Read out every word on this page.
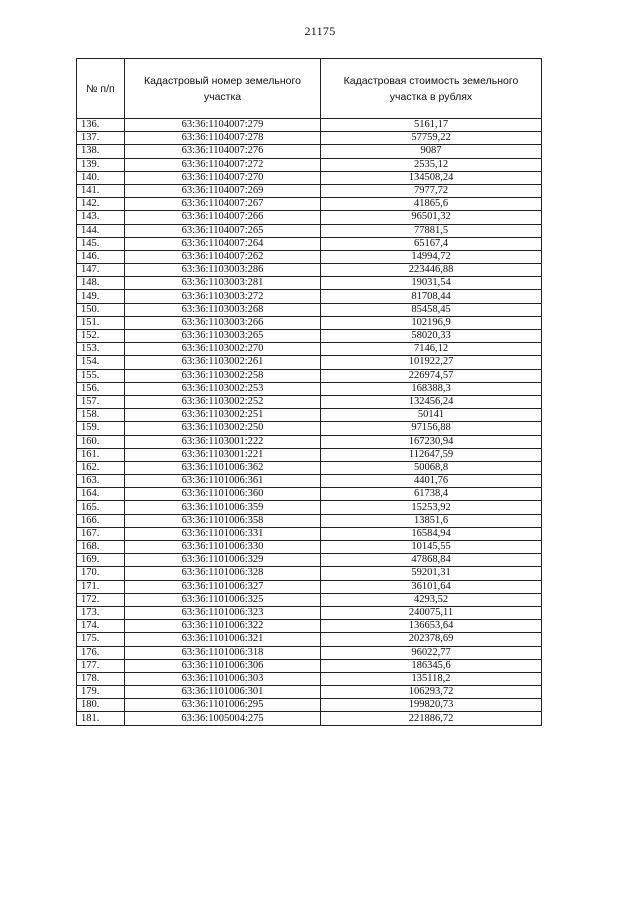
21175
№ п/п	Кадастровый номер земельного участка	Кадастровая стоимость земельного участка в рублях
136.	63:36:1104007:279	5161,17
137.	63:36:1104007:278	57759,22
138.	63:36:1104007:276	9087
139.	63:36:1104007:272	2535,12
140.	63:36:1104007:270	134508,24
141.	63:36:1104007:269	7977,72
142.	63:36:1104007:267	41865,6
143.	63:36:1104007:266	96501,32
144.	63:36:1104007:265	77881,5
145.	63:36:1104007:264	65167,4
146.	63:36:1104007:262	14994,72
147.	63:36:1103003:286	223446,88
148.	63:36:1103003:281	19031,54
149.	63:36:1103003:272	81708,44
150.	63:36:1103003:268	85458,45
151.	63:36:1103003:266	102196,9
152.	63:36:1103003:265	58020,33
153.	63:36:1103002:270	7146,12
154.	63:36:1103002:261	101922,27
155.	63:36:1103002:258	226974,57
156.	63:36:1103002:253	168388,3
157.	63:36:1103002:252	132456,24
158.	63:36:1103002:251	50141
159.	63:36:1103002:250	97156,88
160.	63:36:1103001:222	167230,94
161.	63:36:1103001:221	112647,59
162.	63:36:1101006:362	50068,8
163.	63:36:1101006:361	4401,76
164.	63:36:1101006:360	61738,4
165.	63:36:1101006:359	15253,92
166.	63:36:1101006:358	13851,6
167.	63:36:1101006:331	16584,94
168.	63:36:1101006:330	10145,55
169.	63:36:1101006:329	47868,84
170.	63:36:1101006:328	59201,31
171.	63:36:1101006:327	36101,64
172.	63:36:1101006:325	4293,52
173.	63:36:1101006:323	240075,11
174.	63:36:1101006:322	136653,64
175.	63:36:1101006:321	202378,69
176.	63:36:1101006:318	96022,77
177.	63:36:1101006:306	186345,6
178.	63:36:1101006:303	135118,2
179.	63:36:1101006:301	106293,72
180.	63:36:1101006:295	199820,73
181.	63:36:1005004:275	221886,72
